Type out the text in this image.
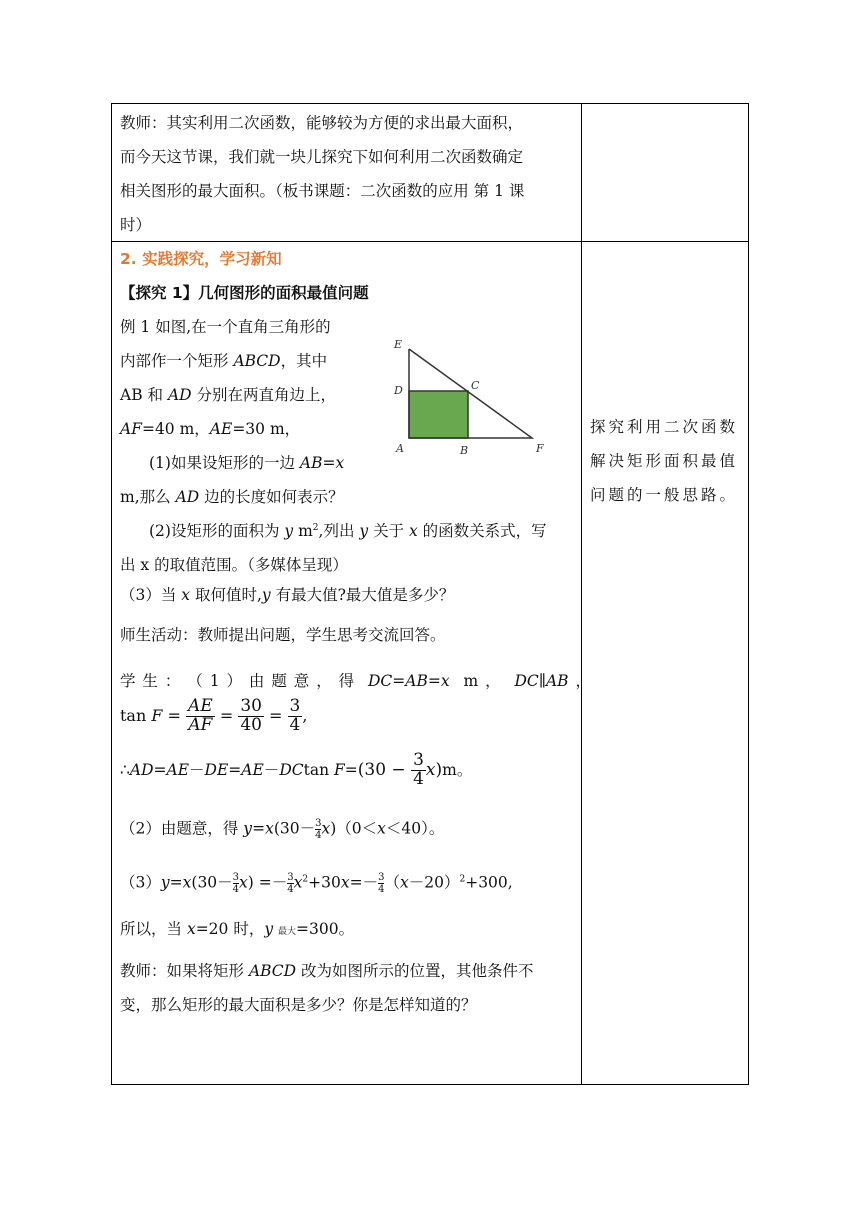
教师：其实利用二次函数，能够较为方便的求出最大面积，
而今天这节课，我们就一块儿探究下如何利用二次函数确定
相关图形的最大面积。（板书课题：二次函数的应用 第 1 课
时）
2. 实践探究，学习新知
【探究 1】几何图形的面积最值问题
例 1 如图,在一个直角三角形的
内部作一个矩形 ABCD，其中
AB 和 AD 分别在两直角边上，
AF=40 m，AE=30 m，
(1)如果设矩形的一边 AB=x
m,那么 AD 边的长度如何表示？
(2)设矩形的面积为 y $m^2$,列出 y 关于 x 的函数关系式，写
出 x 的取值范围。（多媒体呈现）
（3）当 x 取何值时,y 有最大值?最大值是多少？
师生活动：教师提出问题，学生思考交流回答。
学 生 ： （ 1 ） 由 题 意 ， 得  DC=AB=x  m ，  DC∥AB ，
$\tan F = \frac{AE}{AF} = \frac{30}{40} = \frac{3}{4}$ ,
∴AD=AE－DE=AE－DCtan $F=(30 - \frac{3}{4} x)m$。
（2）由题意，得 $y=x(30- \frac{3}{4} x)(0<x<40)$。
$(3)y=x(30- \frac{3}{4} x) =- \frac{3}{4} x^2+30x=- \frac{3}{4} (x-20)^2+300$,
所以，当 x=20 时，y 最大=300。
教师：如果将矩形 ABCD 改为如图所示的位置，其他条件不
变，那么矩形的最大面积是多少？你是怎样知道的？
探究利用二次函数
解决矩形面积最值
问题的一般思路。
E
D	C
A	B	F
